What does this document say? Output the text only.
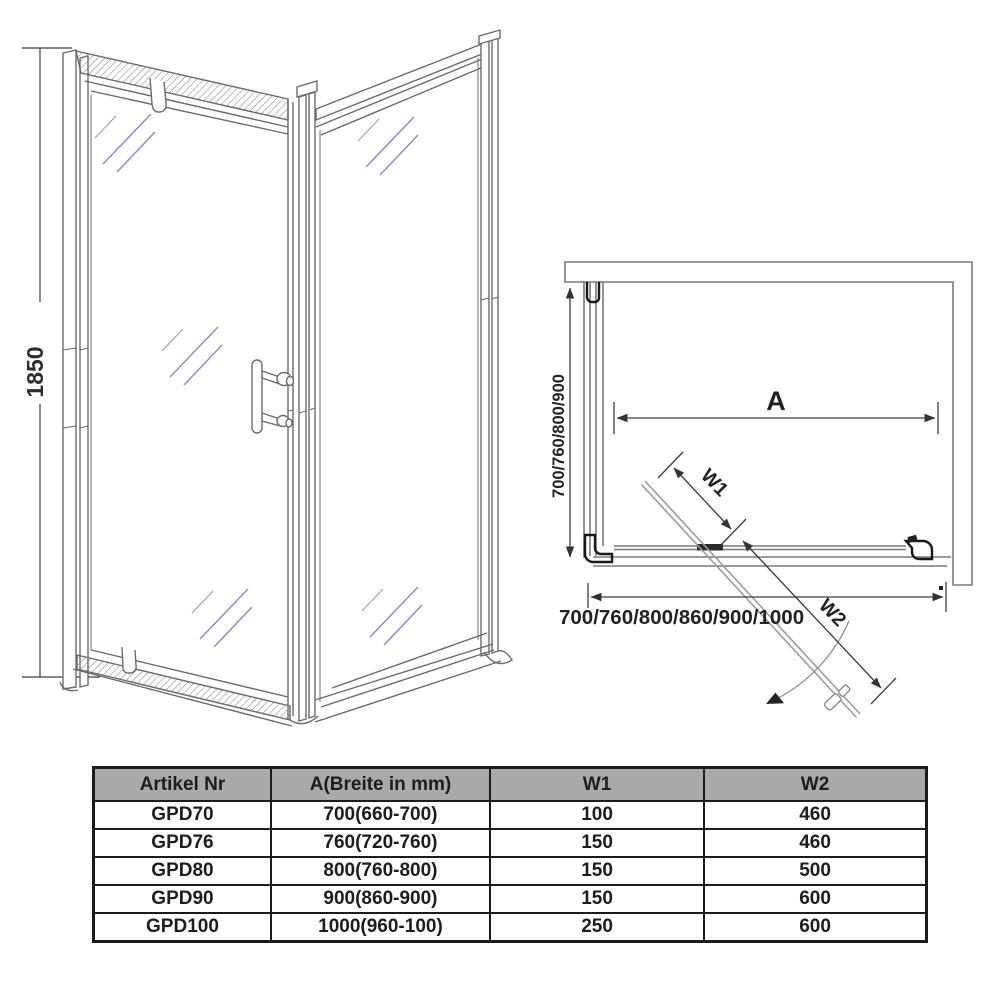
1850
A
700/760/800/900
700/760/800/860/900/1000
W1
W2
Artikel Nr	A(Breite in mm)	W1	W2
GPD70	700(660-700)	100	460
GPD76	760(720-760)	150	460
GPD80	800(760-800)	150	500
GPD90	900(860-900)	150	600
GPD100	1000(960-100)	250	600
